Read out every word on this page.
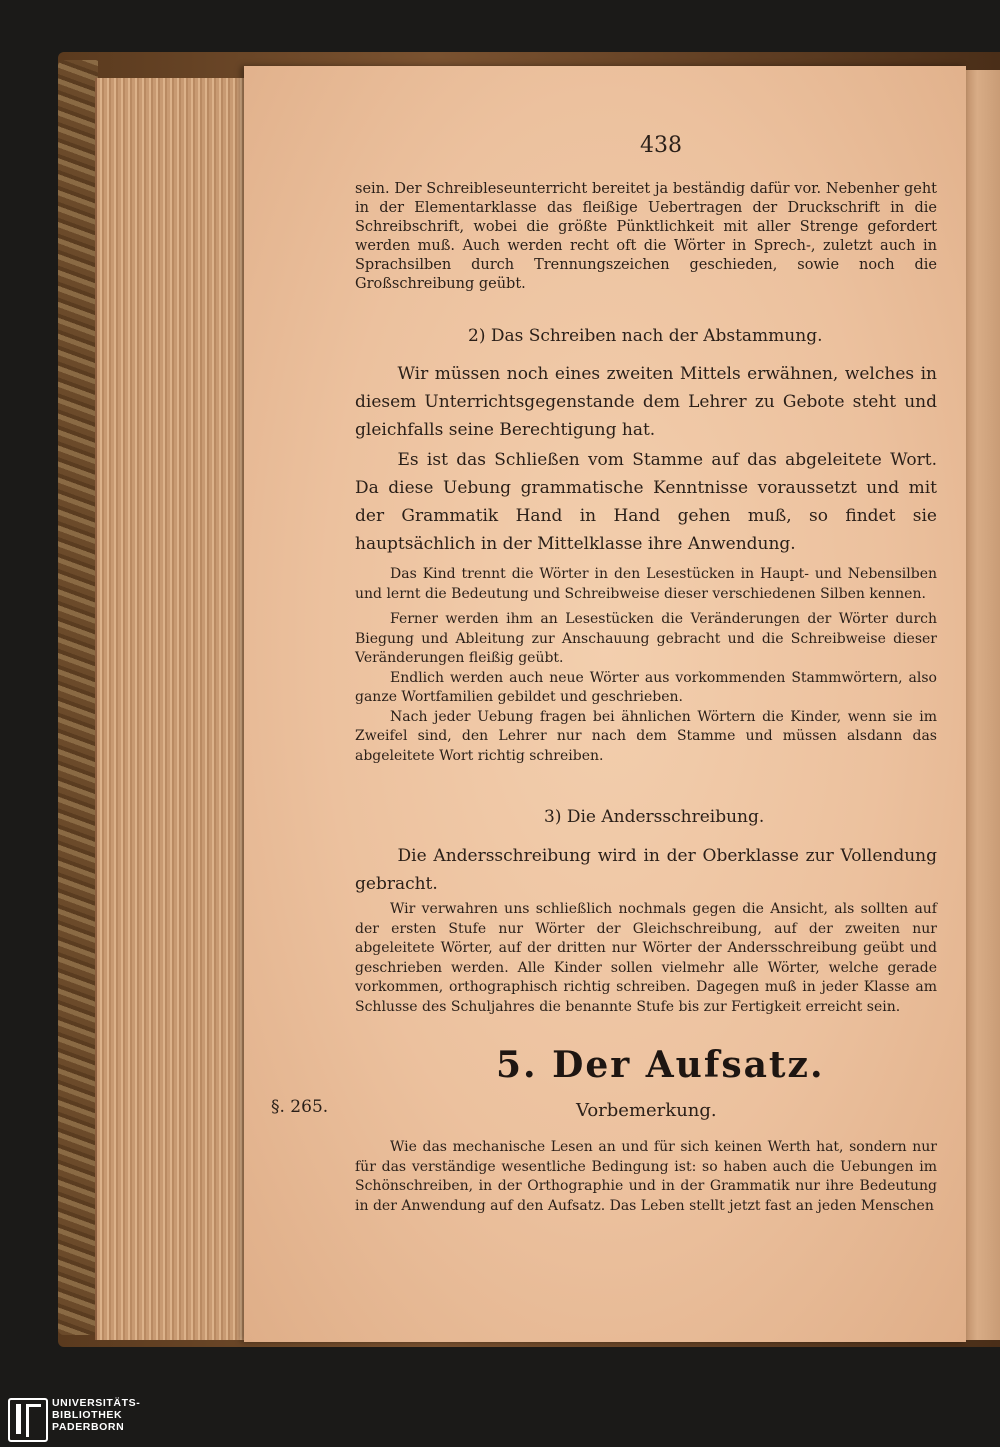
438
sein. Der Schreiblesеunterricht bereitet ja beständig dafür vor. Nebenher geht in der Elementarklasse das fleißige Uebertragen der Druckschrift in die Schreibschrift, wobei die größte Pünktlichkeit mit aller Strenge gefordert werden muß. Auch werden recht oft die Wörter in Sprech-, zuletzt auch in Sprachsilben durch Trennungszeichen geschieden, sowie noch die Großschreibung geübt.
2) Das Schreiben nach der Abstammung.
Wir müssen noch eines zweiten Mittels erwähnen, welches in diesem Unterrichtsgegenstande dem Lehrer zu Gebote steht und gleichfalls seine Berechtigung hat.
Es ist das Schließen vom Stamme auf das abgeleitete Wort. Da diese Uebung grammatische Kenntnisse voraussetzt und mit der Grammatik Hand in Hand gehen muß, so findet sie hauptsächlich in der Mittelklasse ihre Anwendung.

Das Kind trennt die Wörter in den Lesestücken in Haupt- und Nebensilben und lernt die Bedeutung und Schreibweise dieser verschiedenen Silben kennen.

Ferner werden ihm an Lesestücken die Veränderungen der Wörter durch Biegung und Ableitung zur Anschauung gebracht und die Schreibweise dieser Veränderungen fleißig geübt.

Endlich werden auch neue Wörter aus vorkommenden Stammwörtern, also ganze Wortfamilien gebildet und geschrieben.

Nach jeder Uebung fragen bei ähnlichen Wörtern die Kinder, wenn sie im Zweifel sind, den Lehrer nur nach dem Stamme und müssen alsdann das abgeleitete Wort richtig schreiben.

3) Die Andersschreibung.
Die Andersschreibung wird in der Oberklasse zur Vollendung gebracht.

Wir verwahren uns schließlich nochmals gegen die Ansicht, als sollten auf der ersten Stufe nur Wörter der Gleichschreibung, auf der zweiten nur abgeleitete Wörter, auf der dritten nur Wörter der Andersschreibung geübt und geschrieben werden. Alle Kinder sollen vielmehr alle Wörter, welche gerade vorkommen, orthographisch richtig schreiben. Dagegen muß in jeder Klasse am Schlusse des Schuljahres die benannte Stufe bis zur Fertigkeit erreicht sein.

5. Der Aufsatz.
§. 265.	Vorbemerkung.

Wie das mechanische Lesen an und für sich keinen Werth hat, sondern nur für das verständige wesentliche Bedingung ist: so haben auch die Uebungen im Schönschreiben, in der Orthographie und in der Grammatik nur ihre Bedeutung in der Anwendung auf den Aufsatz. Das Leben stellt jetzt fast an jeden Menschen

UNIVERSITÄTS-
BIBLIOTHEK
PADERBORN
